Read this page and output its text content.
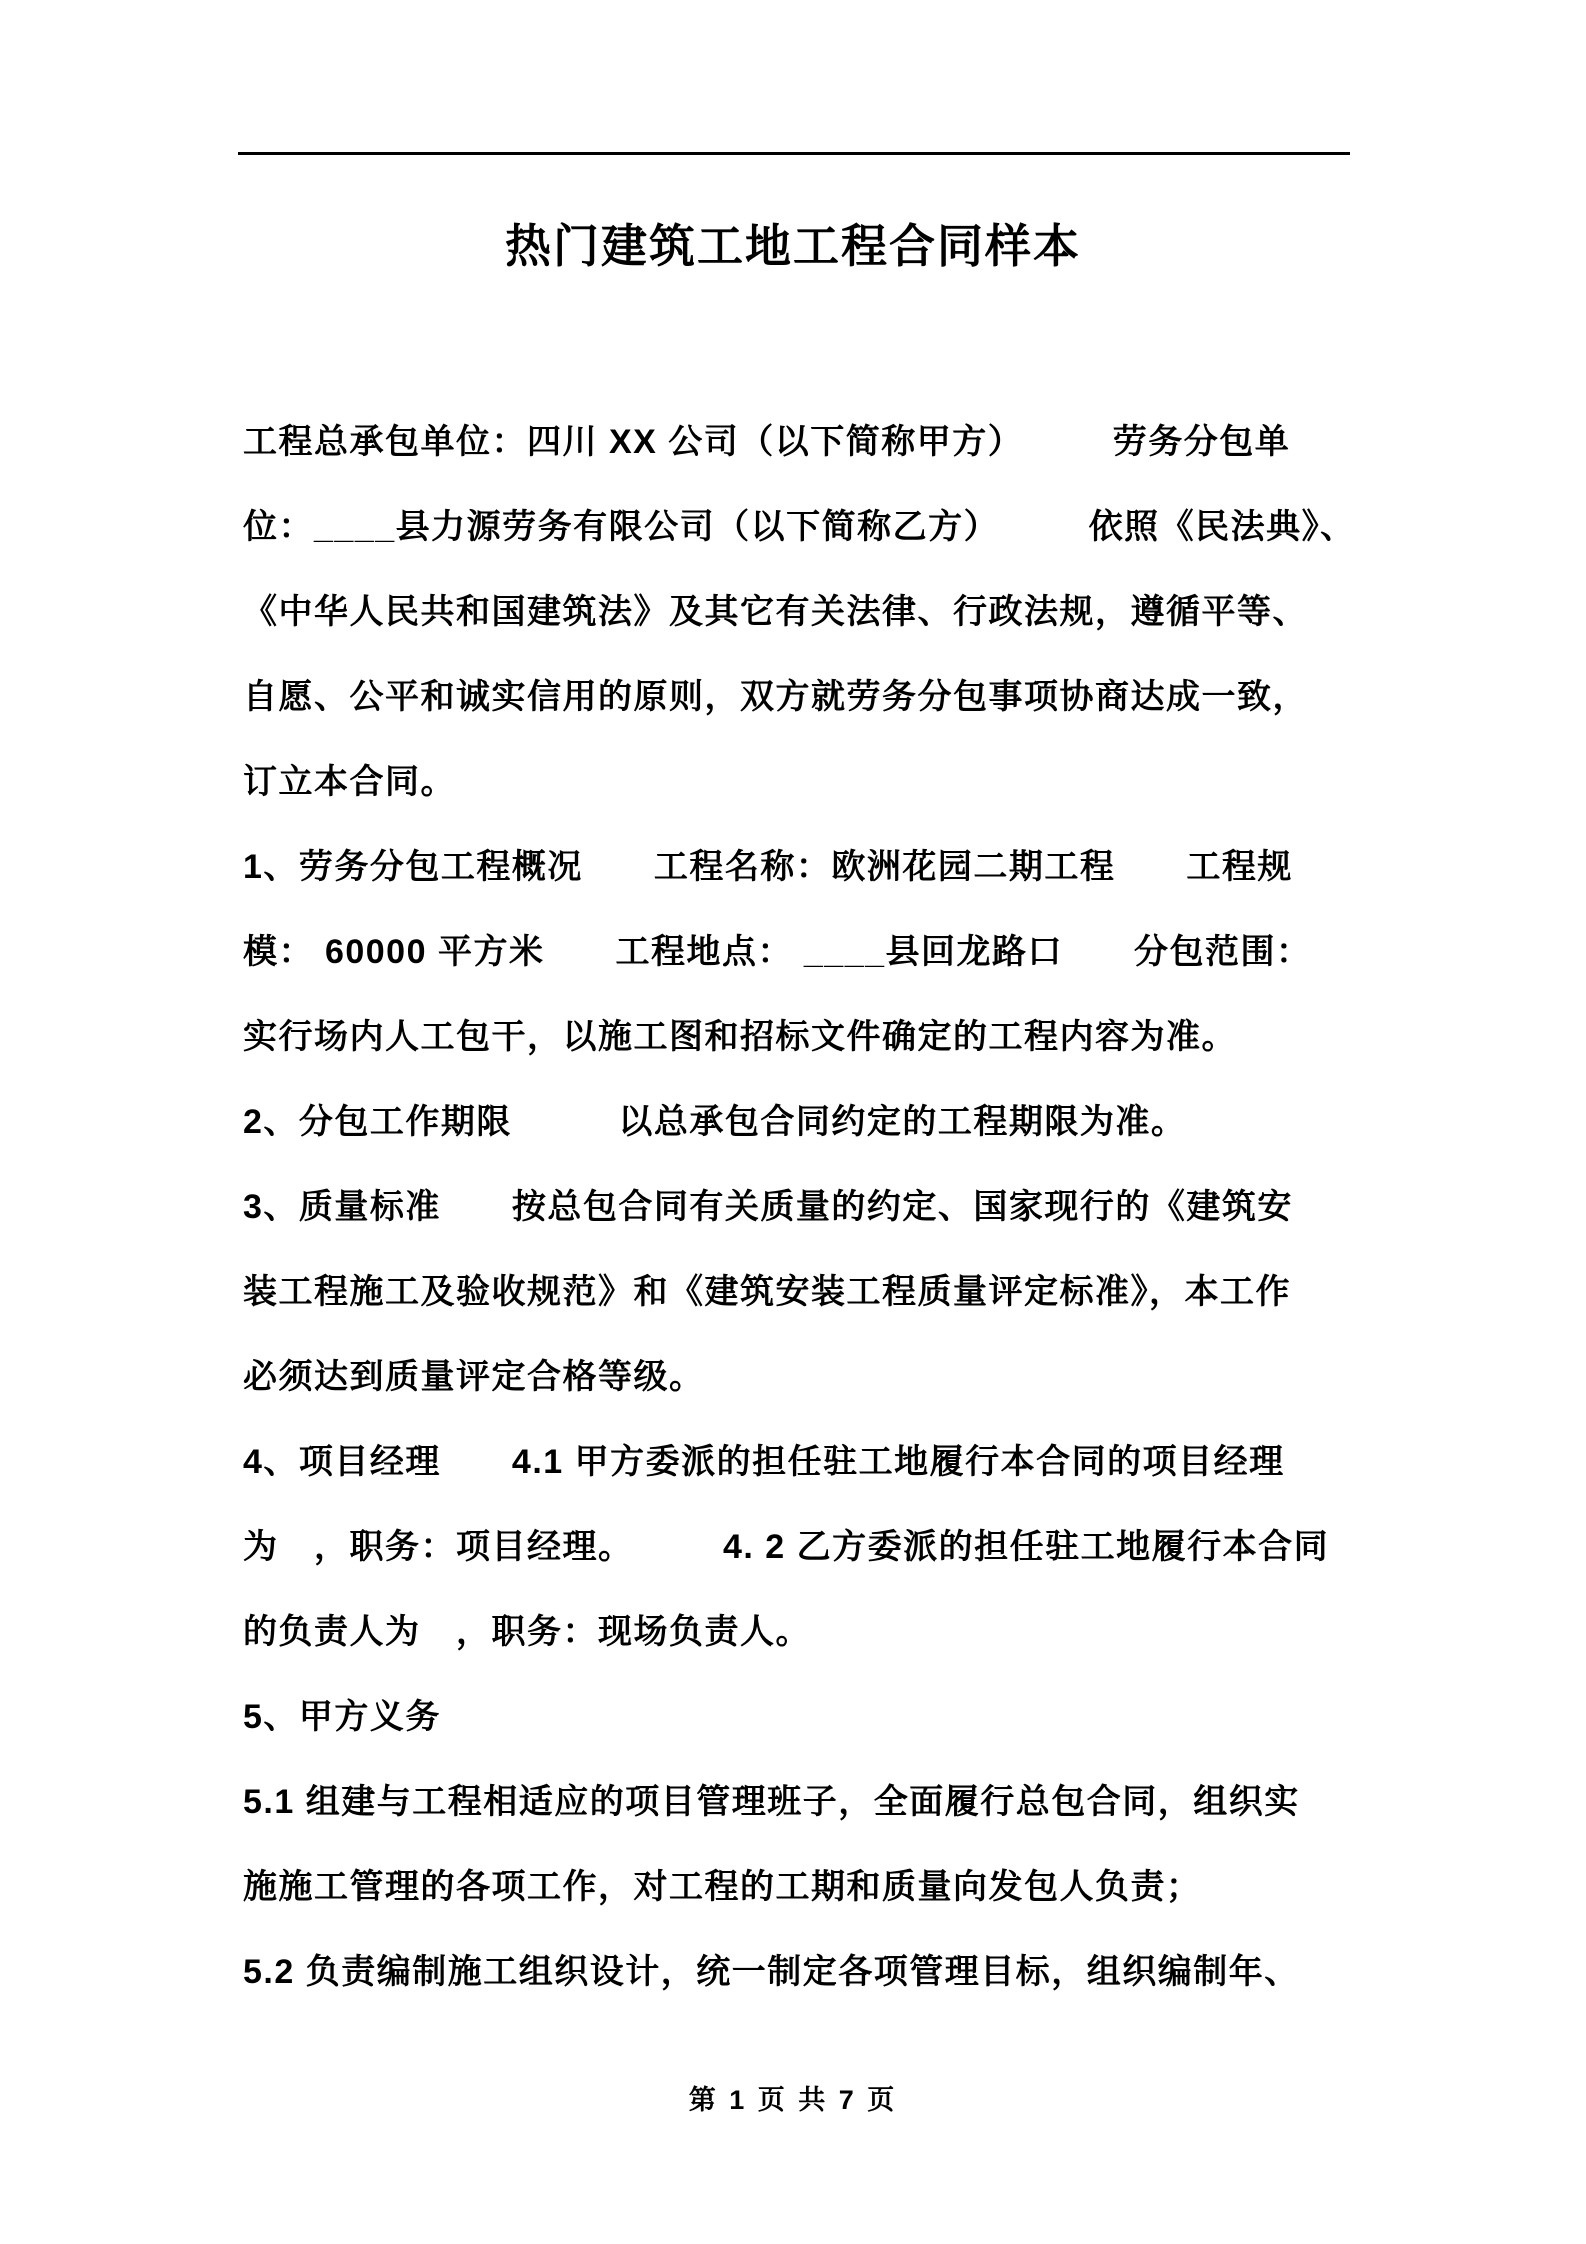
热门建筑工地工程合同样本
工程总承包单位：四川 XX 公司（以下简称甲方）　　　劳务分包单
位：____县力源劳务有限公司（以下简称乙方）　　　依照《民法典》、
《中华人民共和国建筑法》及其它有关法律、行政法规，遵循平等、
自愿、公平和诚实信用的原则，双方就劳务分包事项协商达成一致，
订立本合同。
1、劳务分包工程概况　　工程名称：欧洲花园二期工程　　工程规
模： 60000 平方米　　工程地点： ____县回龙路口　　分包范围：
实行场内人工包干，以施工图和招标文件确定的工程内容为准。
2、分包工作期限　　　以总承包合同约定的工程期限为准。
3、质量标准　　按总包合同有关质量的约定、国家现行的《建筑安
装工程施工及验收规范》和《建筑安装工程质量评定标准》，本工作
必须达到质量评定合格等级。
4、项目经理　　4.1 甲方委派的担任驻工地履行本合同的项目经理
为　，职务：项目经理。　　　4. 2 乙方委派的担任驻工地履行本合同
的负责人为　，职务：现场负责人。
5、甲方义务
5.1 组建与工程相适应的项目管理班子，全面履行总包合同，组织实
施施工管理的各项工作，对工程的工期和质量向发包人负责；
5.2 负责编制施工组织设计，统一制定各项管理目标，组织编制年、
第 1 页 共 7 页
